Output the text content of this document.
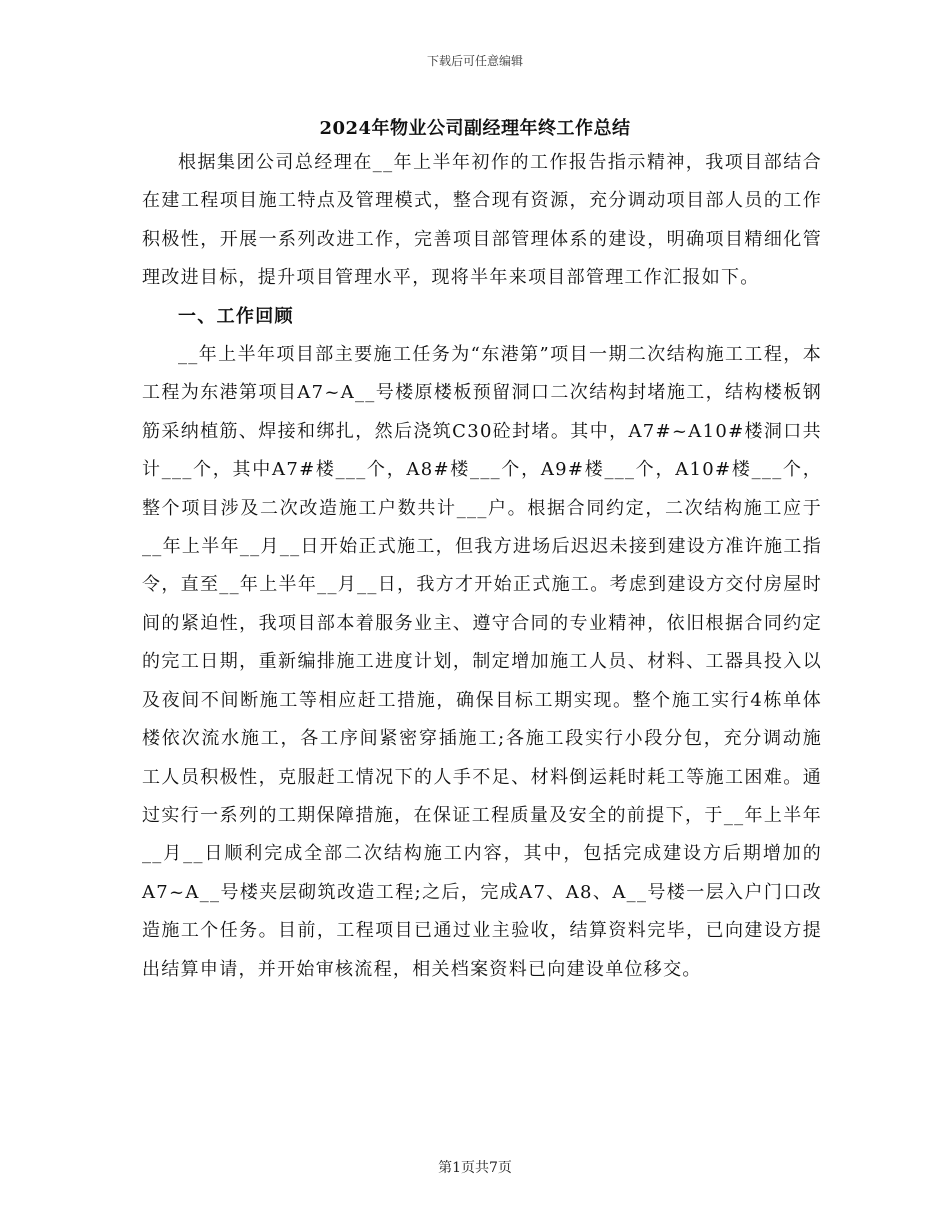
下载后可任意编辑
2024年物业公司副经理年终工作总结

根据集团公司总经理在__年上半年初作的工作报告指示精神，我项目部结合在建工程项目施工特点及管理模式，整合现有资源，充分调动项目部人员的工作积极性，开展一系列改进工作，完善项目部管理体系的建设，明确项目精细化管理改进目标，提升项目管理水平，现将半年来项目部管理工作汇报如下。

一、工作回顾

__年上半年项目部主要施工任务为“东港第”项目一期二次结构施工工程，本工程为东港第项目A7~A__号楼原楼板预留洞口二次结构封堵施工，结构楼板钢筋采纳植筋、焊接和绑扎，然后浇筑C30砼封堵。其中，A7#~A10#楼洞口共计___个，其中A7#楼___个，A8#楼___个，A9#楼___个，A10#楼___个，整个项目涉及二次改造施工户数共计___户。根据合同约定，二次结构施工应于__年上半年__月__日开始正式施工，但我方进场后迟迟未接到建设方准许施工指令，直至__年上半年__月__日，我方才开始正式施工。考虑到建设方交付房屋时间的紧迫性，我项目部本着服务业主、遵守合同的专业精神，依旧根据合同约定的完工日期，重新编排施工进度计划，制定增加施工人员、材料、工器具投入以及夜间不间断施工等相应赶工措施，确保目标工期实现。整个施工实行4栋单体楼依次流水施工，各工序间紧密穿插施工;各施工段实行小段分包，充分调动施工人员积极性，克服赶工情况下的人手不足、材料倒运耗时耗工等施工困难。通过实行一系列的工期保障措施，在保证工程质量及安全的前提下，于__年上半年__月__日顺利完成全部二次结构施工内容，其中，包括完成建设方后期增加的A7~A__号楼夹层砌筑改造工程;之后，完成A7、A8、A__号楼一层入户门口改造施工个任务。目前，工程项目已通过业主验收，结算资料完毕，已向建设方提出结算申请，并开始审核流程，相关档案资料已向建设单位移交。

第1页共7页
